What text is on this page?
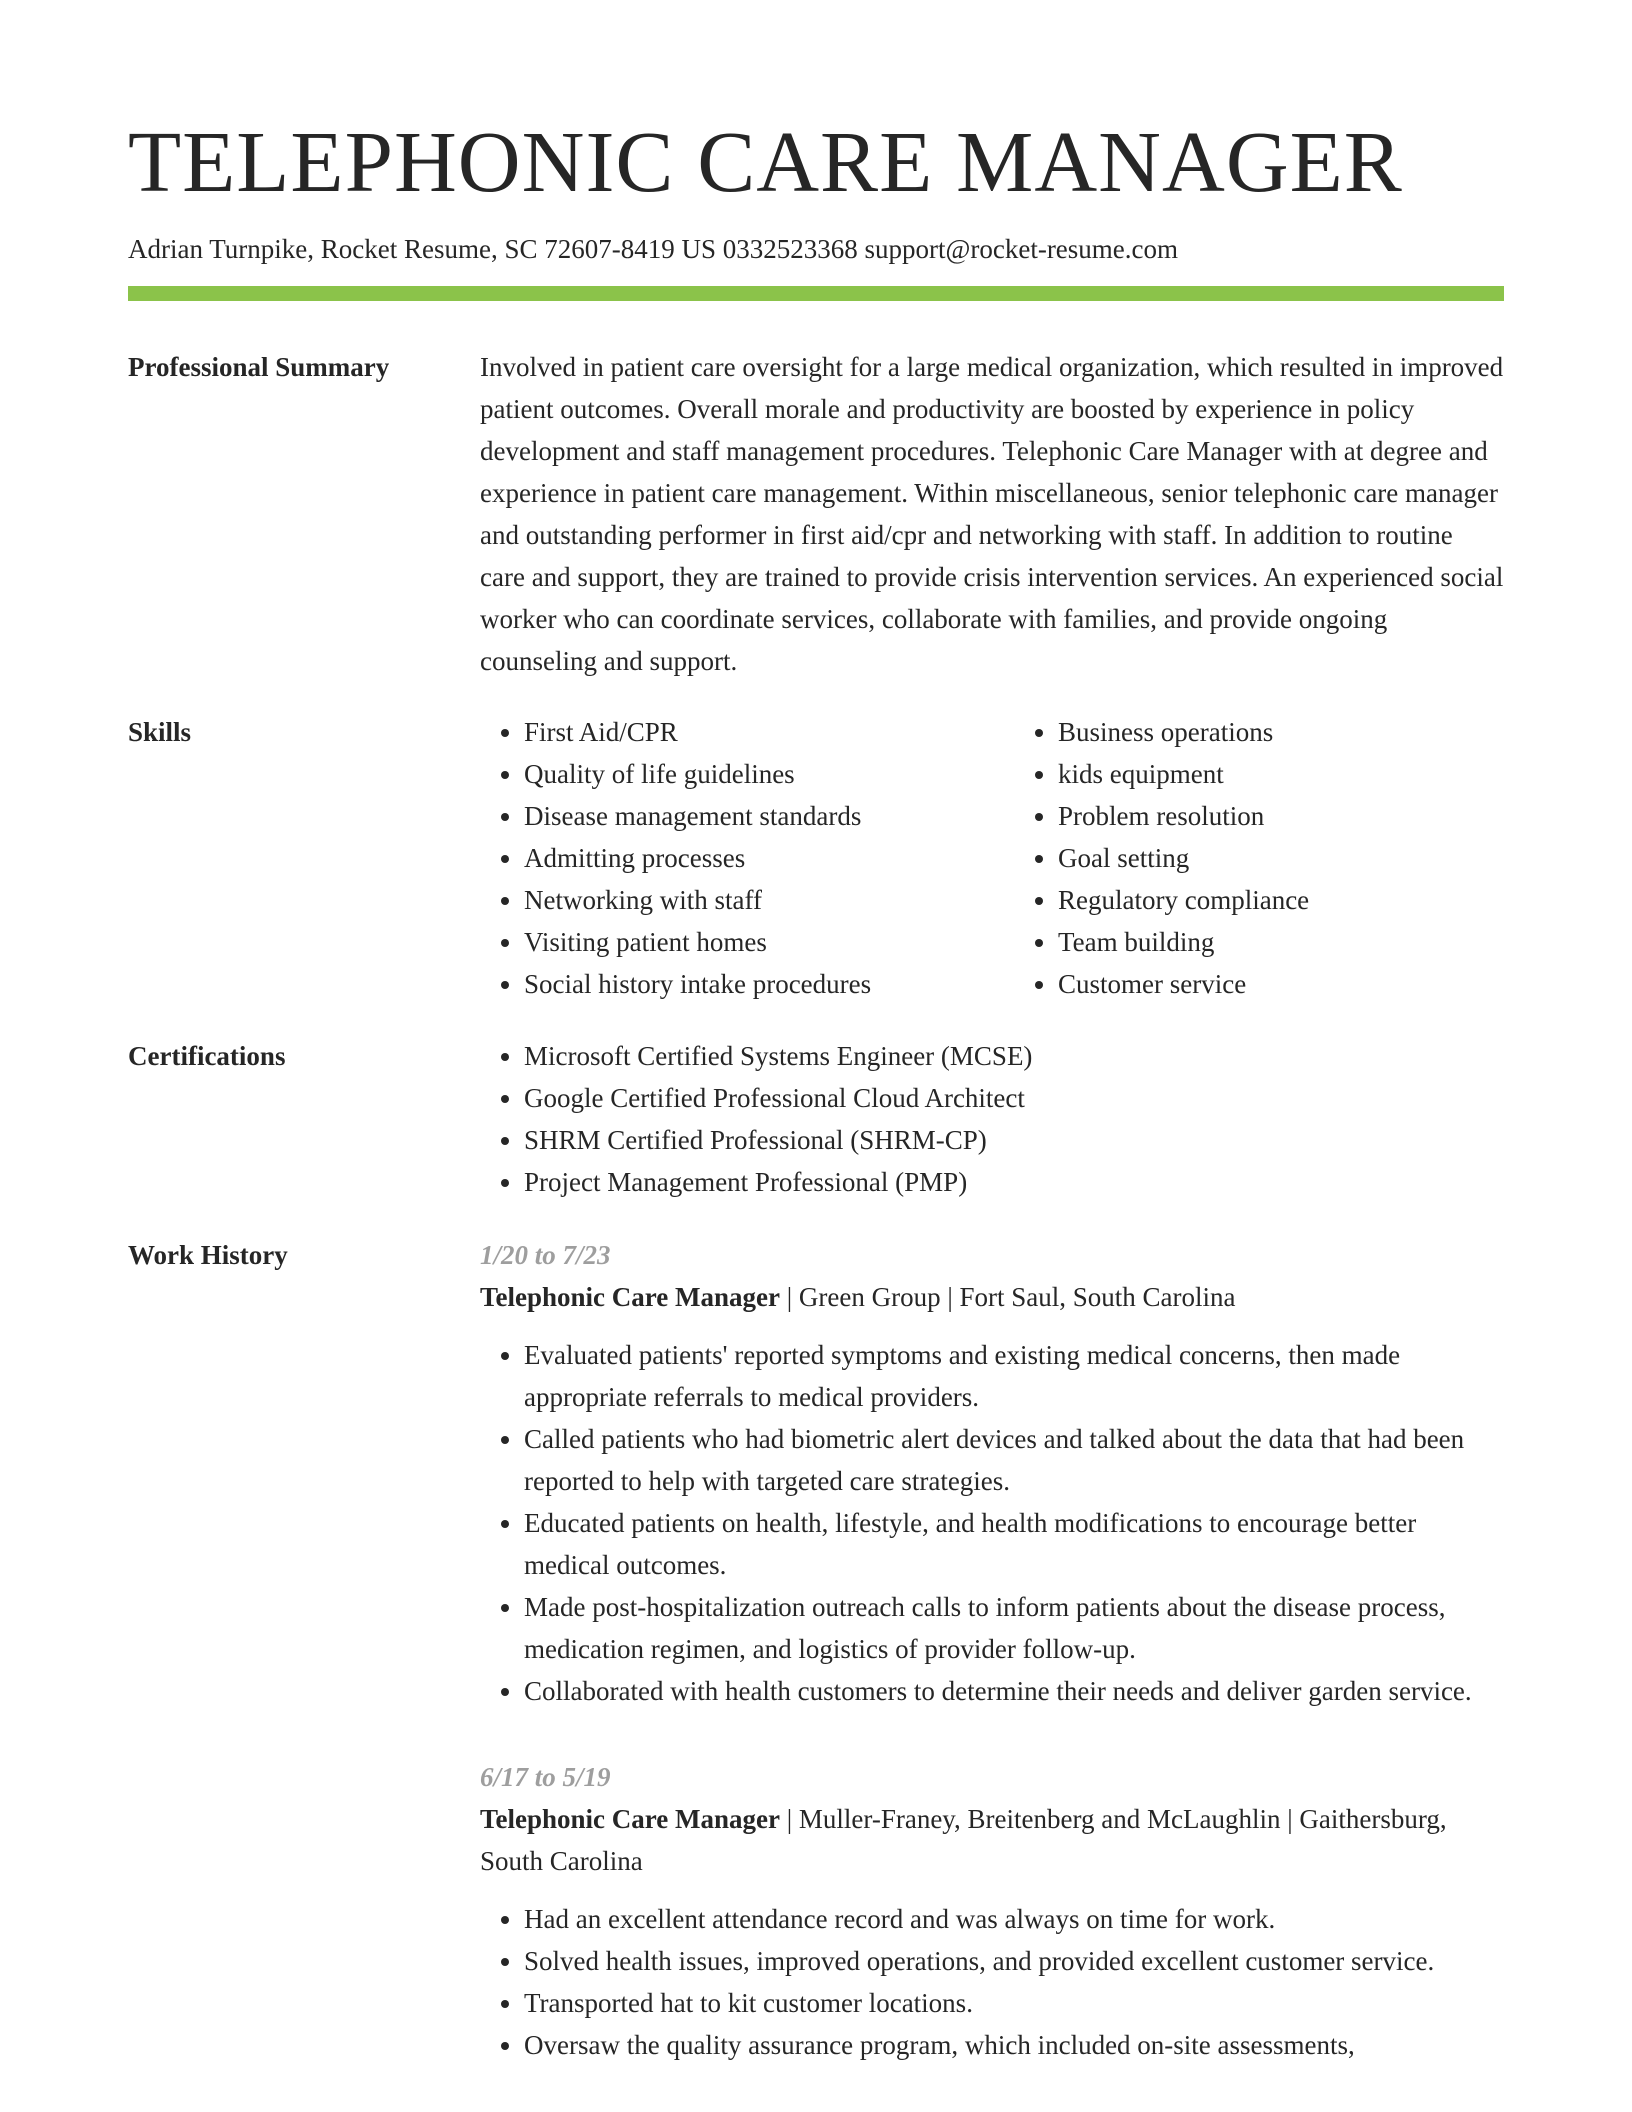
TELEPHONIC CARE MANAGER
Adrian Turnpike, Rocket Resume, SC 72607-8419 US 0332523368 support@rocket-resume.com
Professional Summary	Involved in patient care oversight for a large medical organization, which resulted in improved patient outcomes. Overall morale and productivity are boosted by experience in policy development and staff management procedures. Telephonic Care Manager with at degree and experience in patient care management. Within miscellaneous, senior telephonic care manager and outstanding performer in first aid/cpr and networking with staff. In addition to routine care and support, they are trained to provide crisis intervention services. An experienced social worker who can coordinate services, collaborate with families, and provide ongoing counseling and support.

Skills	• First Aid/CPR
• Quality of life guidelines
• Disease management standards
• Admitting processes
• Networking with staff
• Visiting patient homes
• Social history intake procedures
• Business operations
• kids equipment
• Problem resolution
• Goal setting
• Regulatory compliance
• Team building
• Customer service
Certifications	• Microsoft Certified Systems Engineer (MCSE)
• Google Certified Professional Cloud Architect
• SHRM Certified Professional (SHRM-CP)
• Project Management Professional (PMP)
Work History	1/20 to 7/23

Telephonic Care Manager | Green Group | Fort Saul, South Carolina

• Evaluated patients' reported symptoms and existing medical concerns, then made appropriate referrals to medical providers.
• Called patients who had biometric alert devices and talked about the data that had been reported to help with targeted care strategies.
• Educated patients on health, lifestyle, and health modifications to encourage better medical outcomes.
• Made post-hospitalization outreach calls to inform patients about the disease process, medication regimen, and logistics of provider follow-up.
• Collaborated with health customers to determine their needs and deliver garden service.

6/17 to 5/19

Telephonic Care Manager | Muller-Franey, Breitenberg and McLaughlin | Gaithersburg, South Carolina

• Had an excellent attendance record and was always on time for work.
• Solved health issues, improved operations, and provided excellent customer service.
• Transported hat to kit customer locations.
• Oversaw the quality assurance program, which included on-site assessments,
